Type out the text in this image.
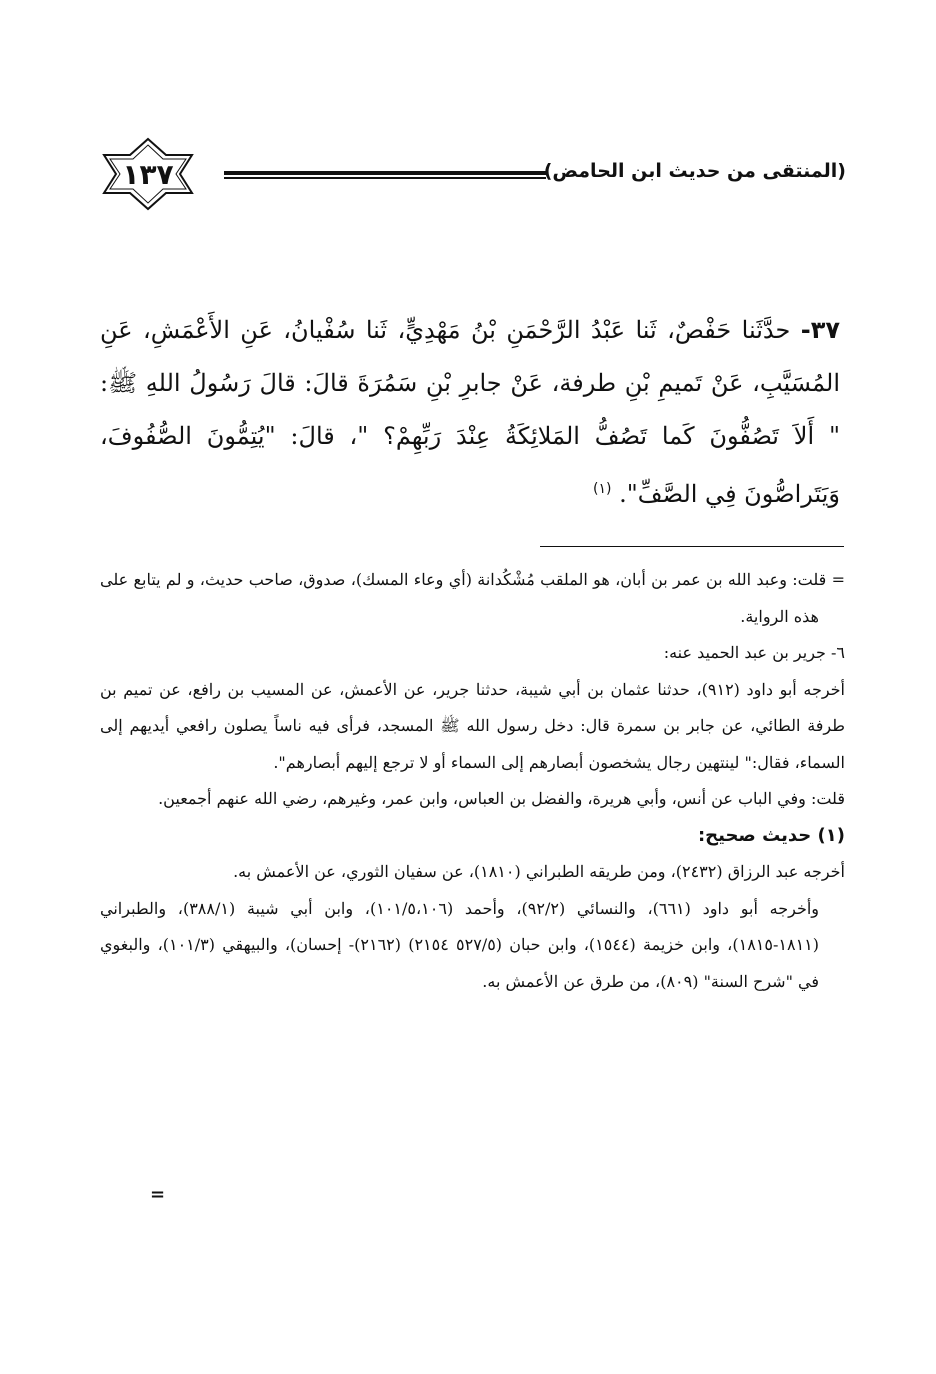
١٣٧	(المنتقى من حديث ابن الحامض)
٣٧- حدَّثَنا حَفْصٌ، ثَنا عَبْدُ الرَّحْمَنِ بْنُ مَهْدِيٍّ، ثَنا سُفْيانُ، عَنِ الأَعْمَشِ، عَنِ المُسَيَّبِ، عَنْ تَميمِ بْنِ طرفة، عَنْ جابرِ بْنِ سَمُرَةَ قالَ: قالَ رَسُولُ اللهِ ﷺ: " أَلاَ تَصُفُّونَ كَما تَصُفُّ المَلائِكَةُ عِنْدَ رَبِّهِمْ؟ "، قالَ: "يُتِمُّونَ الصُّفُوفَ، وَيَتَراصُّونَ فِي الصَّفِّ". $^{(١)}$

= قلت: وعبد الله بن عمر بن أبان، هو الملقب مُشْكُدانة (أي وعاء المسك)، صدوق، صاحب حديث، و لم يتابع على هذه الرواية.

٦- جرير بن عبد الحميد عنه:

أخرجه أبو داود (٩١٢)، حدثنا عثمان بن أبي شيبة، حدثنا جرير، عن الأعمش، عن المسيب بن رافع، عن تميم بن طرفة الطائي، عن جابر بن سمرة قال: دخل رسول الله ﷺ المسجد، فرأى فيه ناساً يصلون رافعي أيديهم إلى السماء، فقال:" لينتهين رجال يشخصون أبصارهم إلى السماء أو لا ترجع إليهم أبصارهم".

قلت: وفي الباب عن أنس، وأبي هريرة، والفضل بن العباس، وابن عمر، وغيرهم، رضي الله عنهم أجمعين.

(١) حديث صحيح:

أخرجه عبد الرزاق (٢٤٣٢)، ومن طريقه الطبراني (١٨١٠)، عن سفيان الثوري، عن الأعمش به.

وأخرجه أبو داود (٦٦١)، والنسائي (٩٢/٢)، وأحمد (١٠١/٥،١٠٦)، وابن أبي شيبة (٣٨٨/١)، والطبراني (١٨١١-١٨١٥)، وابن خزيمة (١٥٤٤)، وابن حبان (٥٢٧/٥ ٢١٥٤) (٢١٦٢)- إحسان)، والبيهقي (١٠١/٣)، والبغوي في "شرح السنة" (٨٠٩)، من طرق عن الأعمش به.

=
